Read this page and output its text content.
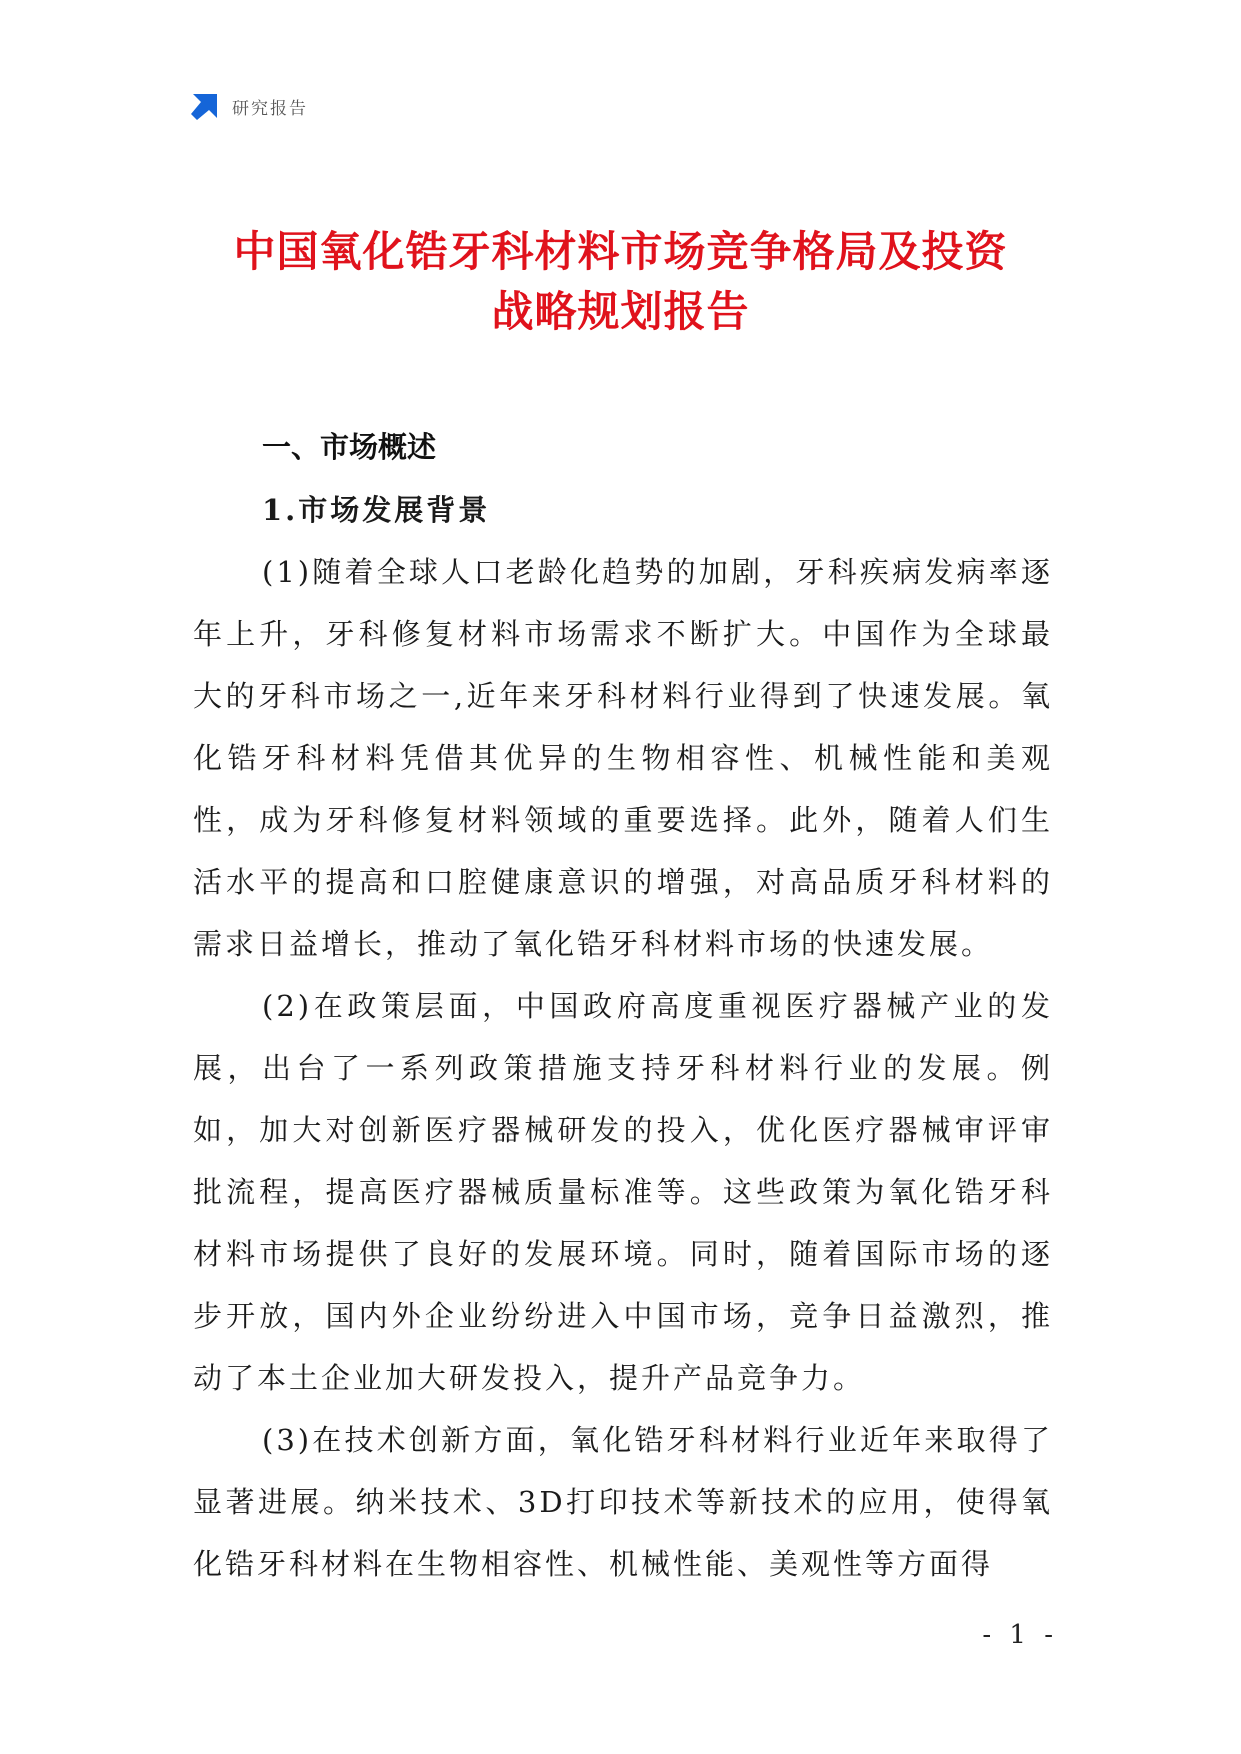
研究报告
中国氧化锆牙科材料市场竞争格局及投资
战略规划报告
一、市场概述
1.市场发展背景

(1)随着全球人口老龄化趋势的加剧，牙科疾病发病率逐年上升，牙科修复材料市场需求不断扩大。中国作为全球最大的牙科市场之一,近年来牙科材料行业得到了快速发展。氧化锆牙科材料凭借其优异的生物相容性、机械性能和美观性，成为牙科修复材料领域的重要选择。此外，随着人们生活水平的提高和口腔健康意识的增强，对高品质牙科材料的需求日益增长，推动了氧化锆牙科材料市场的快速发展。

(2)在政策层面，中国政府高度重视医疗器械产业的发展，出台了一系列政策措施支持牙科材料行业的发展。例如，加大对创新医疗器械研发的投入，优化医疗器械审评审批流程，提高医疗器械质量标准等。这些政策为氧化锆牙科材料市场提供了良好的发展环境。同时，随着国际市场的逐步开放，国内外企业纷纷进入中国市场，竞争日益激烈，推动了本土企业加大研发投入，提升产品竞争力。

(3)在技术创新方面，氧化锆牙科材料行业近年来取得了显著进展。纳米技术、3D打印技术等新技术的应用，使得氧化锆牙科材料在生物相容性、机械性能、美观性等方面得

- 1 -
